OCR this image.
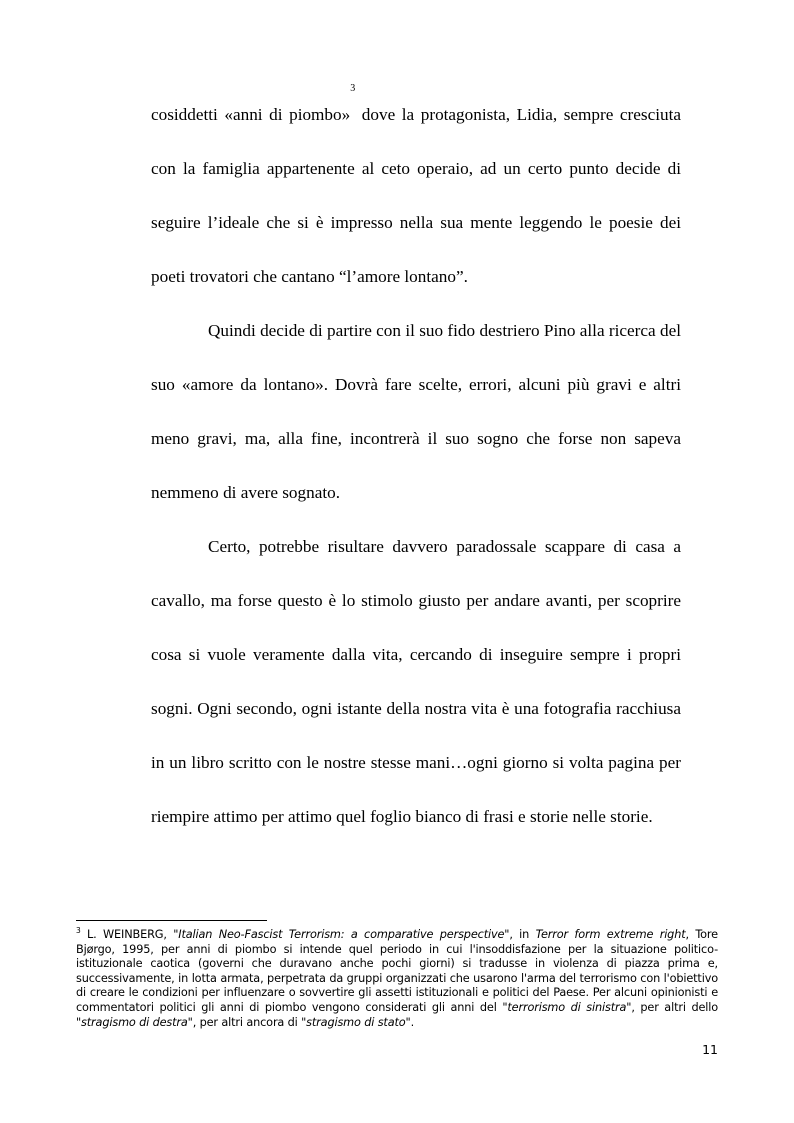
cosiddetti «anni di piombo»$^3$ dove la protagonista, Lidia, sempre cresciuta con la famiglia appartenente al ceto operaio, ad un certo punto decide di seguire l’ideale che si è impresso nella sua mente leggendo le poesie dei poeti trovatori che cantano “l’amore lontano”.

Quindi decide di partire con il suo fido destriero Pino alla ricerca del suo «amore da lontano». Dovrà fare scelte, errori, alcuni più gravi e altri meno gravi, ma, alla fine, incontrerà il suo sogno che forse non sapeva nemmeno di avere sognato.

Certo, potrebbe risultare davvero paradossale scappare di casa a cavallo, ma forse questo è lo stimolo giusto per andare avanti, per scoprire cosa si vuole veramente dalla vita, cercando di inseguire sempre i propri sogni. Ogni secondo, ogni istante della nostra vita è una fotografia racchiusa in un libro scritto con le nostre stesse mani…ogni giorno si volta pagina per riempire attimo per attimo quel foglio bianco di frasi e storie nelle storie.

$^3$ L. WEINBERG, "Italian Neo-Fascist Terrorism: a comparative perspective", in Terror form extreme right, Tore Bjørgo, 1995, per anni di piombo si intende quel periodo in cui l'insoddisfazione per la situazione politico-istituzionale caotica (governi che duravano anche pochi giorni) si tradusse in violenza di piazza prima e, successivamente, in lotta armata, perpetrata da gruppi organizzati che usarono l'arma del terrorismo con l'obiettivo di creare le condizioni per influenzare o sovvertire gli assetti istituzionali e politici del Paese. Per alcuni opinionisti e commentatori politici gli anni di piombo vengono considerati gli anni del "terrorismo di sinistra", per altri dello "stragismo di destra", per altri ancora di "stragismo di stato".
11
